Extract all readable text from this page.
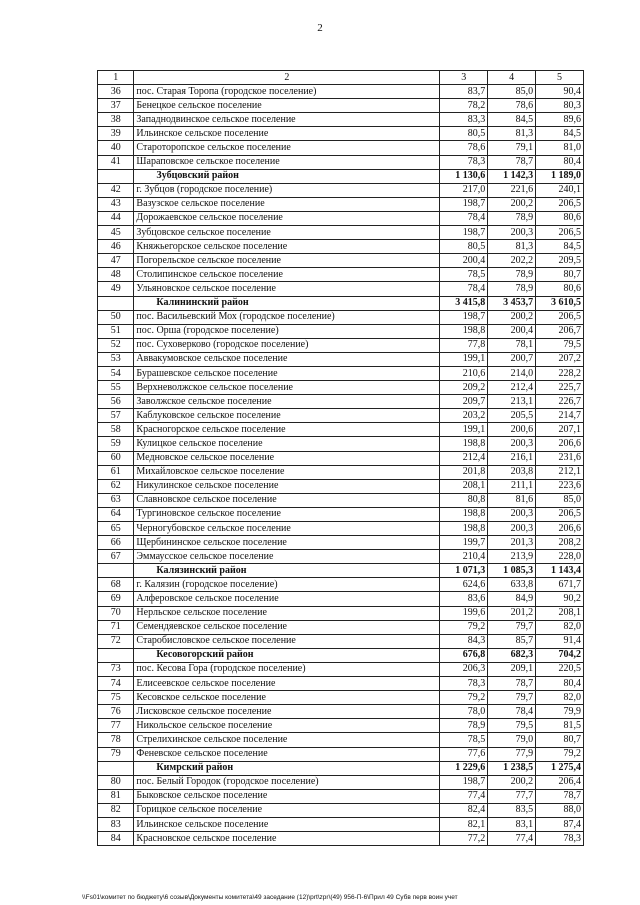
2
1	2	3	4	5
36	пос. Старая Торопа (городское поселение)	83,7	85,0	90,4
37	Бенецкое сельское поселение	78,2	78,6	80,3
38	Западнодвинское сельское поселение	83,3	84,5	89,6
39	Ильинское сельское поселение	80,5	81,3	84,5
40	Староторопское сельское поселение	78,6	79,1	81,0
41	Шараповское сельское поселение	78,3	78,7	80,4
	Зубцовский район	1 130,6	1 142,3	1 189,0
42	г. Зубцов (городское поселение)	217,0	221,6	240,1
43	Вазузское сельское поселение	198,7	200,2	206,5
44	Дорожаевское сельское поселение	78,4	78,9	80,6
45	Зубцовское сельское поселение	198,7	200,3	206,5
46	Княжьегорское сельское поселение	80,5	81,3	84,5
47	Погорельское сельское поселение	200,4	202,2	209,5
48	Столипинское сельское поселение	78,5	78,9	80,7
49	Ульяновское сельское поселение	78,4	78,9	80,6
	Калининский район	3 415,8	3 453,7	3 610,5
50	пос. Васильевский Мох (городское поселение)	198,7	200,2	206,5
51	пос. Орша (городское поселение)	198,8	200,4	206,7
52	пос. Суховерково (городское поселение)	77,8	78,1	79,5
53	Аввакумовское сельское поселение	199,1	200,7	207,2
54	Бурашевское сельское поселение	210,6	214,0	228,2
55	Верхневолжское сельское поселение	209,2	212,4	225,7
56	Заволжское сельское поселение	209,7	213,1	226,7
57	Каблуковское сельское поселение	203,2	205,5	214,7
58	Красногорское сельское поселение	199,1	200,6	207,1
59	Кулицкое сельское поселение	198,8	200,3	206,6
60	Медновское сельское поселение	212,4	216,1	231,6
61	Михайловское сельское поселение	201,8	203,8	212,1
62	Никулинское сельское поселение	208,1	211,1	223,6
63	Славновское сельское поселение	80,8	81,6	85,0
64	Тургиновское сельское поселение	198,8	200,3	206,5
65	Черногубовское сельское поселение	198,8	200,3	206,6
66	Щербининское сельское поселение	199,7	201,3	208,2
67	Эммаусское сельское поселение	210,4	213,9	228,0
	Калязинский район	1 071,3	1 085,3	1 143,4
68	г. Калязин (городское поселение)	624,6	633,8	671,7
69	Алферовское сельское поселение	83,6	84,9	90,2
70	Нерльское сельское поселение	199,6	201,2	208,1
71	Семендяевское сельское поселение	79,2	79,7	82,0
72	Старобисловское сельское поселение	84,3	85,7	91,4
	Кесовогорский район	676,8	682,3	704,2
73	пос. Кесова Гора (городское поселение)	206,3	209,1	220,5
74	Елисеевское сельское поселение	78,3	78,7	80,4
75	Кесовское сельское поселение	79,2	79,7	82,0
76	Лисковское сельское поселение	78,0	78,4	79,9
77	Никольское сельское поселение	78,9	79,5	81,5
78	Стрелихинское сельское поселение	78,5	79,0	80,7
79	Феневское сельское поселение	77,6	77,9	79,2
	Кимрский район	1 229,6	1 238,5	1 275,4
80	пос. Белый Городок (городское поселение)	198,7	200,2	206,4
81	Быковское сельское поселение	77,4	77,7	78,7
82	Горицкое сельское поселение	82,4	83,5	88,0
83	Ильинское сельское поселение	82,1	83,1	87,4
84	Красновское сельское поселение	77,2	77,4	78,3
\\Fs01\комитет по бюджету\6 созыв\Документы комитета\49 заседание (12)\prt\zpr\(49) 956-П-6\Прил 49 Субв перв воин учет
